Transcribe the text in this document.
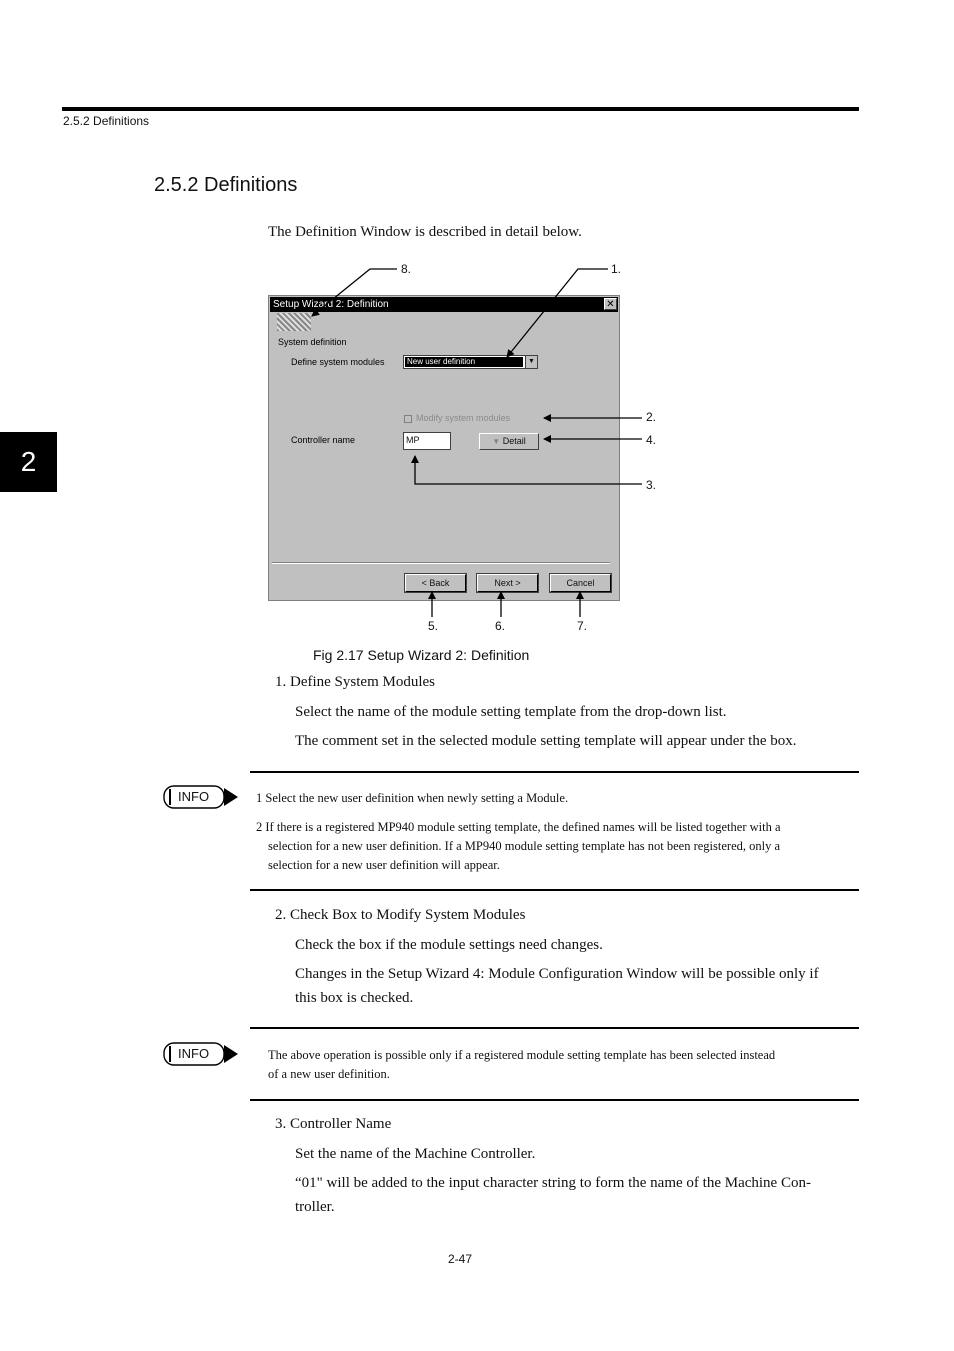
2.5.2 Definitions
2
2.5.2 Definitions
The Definition Window is described in detail below.
Setup Wizard 2: Definition	✕
System definition
Define system modules	New user definition	▼
Modify system modules
Controller name	MP	▼ Detail
< Back	Next >	Cancel
1.
2.
3.
4.
5.	6.	7.
8.
Fig 2.17 Setup Wizard 2: Definition
1. Define System Modules
Select the name of the module setting template from the drop-down list.
The comment set in the selected module setting template will appear under the box.
INFO	1 Select the new user definition when newly setting a Module.
2 If there is a registered MP940 module setting template, the defined names will be listed together with a
selection for a new user definition. If a MP940 module setting template has not been registered, only a
selection for a new user definition will appear.
2. Check Box to Modify System Modules
Check the box if the module settings need changes.
Changes in the Setup Wizard 4: Module Configuration Window will be possible only if
this box is checked.
INFO	The above operation is possible only if a registered module setting template has been selected instead
of a new user definition.
3. Controller Name
Set the name of the Machine Controller.
“01" will be added to the input character string to form the name of the Machine Con-
troller.
2-47
